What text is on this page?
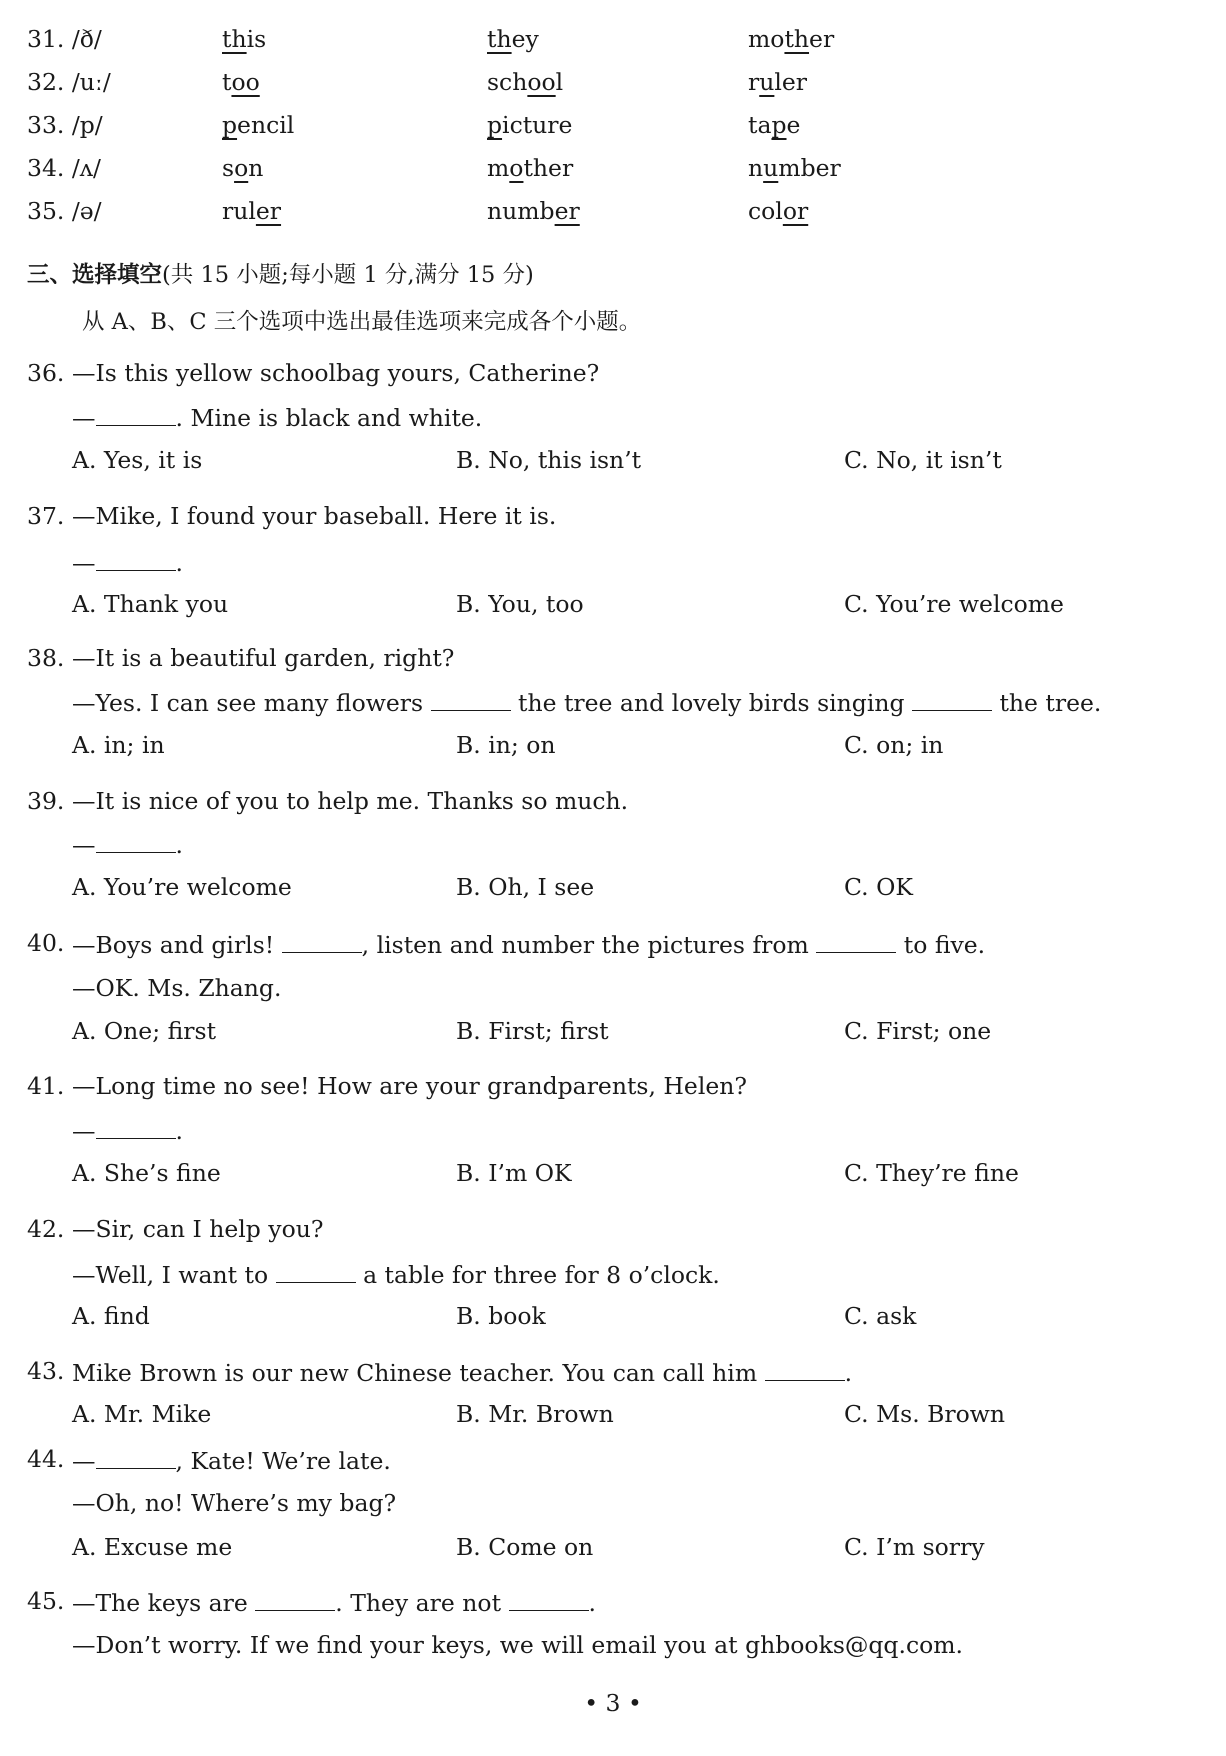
31. /ð/	this	they	mother
32. /uː/	too	school	ruler
33. /p/	pencil	picture	tape
34. /ʌ/	son	mother	number
35. /ə/	ruler	number	color
三、选择填空(共 15 小题;每小题 1 分,满分 15 分)
从 A、B、C 三个选项中选出最佳选项来完成各个小题。
36. —Is this yellow schoolbag yours, Catherine?
—	. Mine is black and white.
A. Yes, it is	B. No, this isn’t	C. No, it isn’t
37. —Mike, I found your baseball. Here it is.
—	.
A. Thank you	B. You, too	C. You’re welcome
38. —It is a beautiful garden, right?
—Yes. I can see many flowers	the tree and lovely birds singing	the tree.
A. in; in	B. in; on	C. on; in
39. —It is nice of you to help me. Thanks so much.
—	.
A. You’re welcome	B. Oh, I see	C. OK
40. —Boys and girls!	, listen and number the pictures from	to five.
—OK. Ms. Zhang.
A. One; first	B. First; first	C. First; one
41. —Long time no see! How are your grandparents, Helen?
—	.
A. She’s fine	B. I’m OK	C. They’re fine
42. —Sir, can I help you?
—Well, I want to	a table for three for 8 o’clock.
A. find	B. book	C. ask
43. Mike Brown is our new Chinese teacher. You can call him	.
A. Mr. Mike	B. Mr. Brown	C. Ms. Brown
44. —	, Kate! We’re late.
—Oh, no! Where’s my bag?
A. Excuse me	B. Come on	C. I’m sorry
45. —The keys are	. They are not	.
—Don’t worry. If we find your keys, we will email you at ghbooks@qq.com.
• 3 •
